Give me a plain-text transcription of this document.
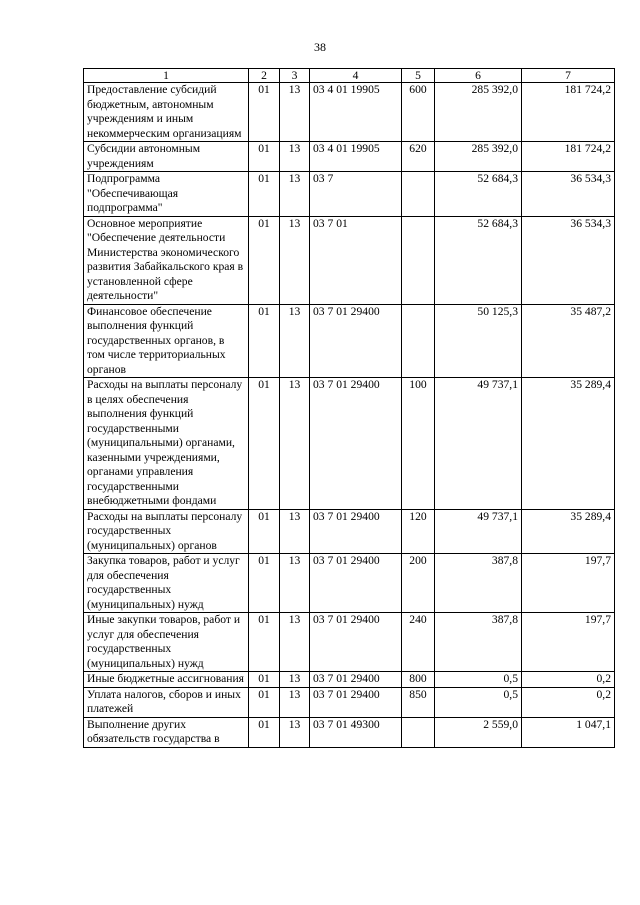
38
1	2	3	4	5	6	7
Предоставление субсидий бюджетным, автономным учреждениям и иным некоммерческим организациям	01	13	03 4 01 19905	600	285 392,0	181 724,2
Субсидии автономным учреждениям	01	13	03 4 01 19905	620	285 392,0	181 724,2
Подпрограмма "Обеспечивающая подпрограмма"	01	13	03 7		52 684,3	36 534,3
Основное мероприятие "Обеспечение деятельности Министерства экономического развития Забайкальского края в установленной сфере деятельности"	01	13	03 7 01		52 684,3	36 534,3
Финансовое обеспечение выполнения функций государственных органов, в том числе территориальных органов	01	13	03 7 01 29400		50 125,3	35 487,2
Расходы на выплаты персоналу в целях обеспечения выполнения функций государственными (муниципальными) органами, казенными учреждениями, органами управления государственными внебюджетными фондами	01	13	03 7 01 29400	100	49 737,1	35 289,4
Расходы на выплаты персоналу государственных (муниципальных) органов	01	13	03 7 01 29400	120	49 737,1	35 289,4
Закупка товаров, работ и услуг для обеспечения государственных (муниципальных) нужд	01	13	03 7 01 29400	200	387,8	197,7
Иные закупки товаров, работ и услуг для обеспечения государственных (муниципальных) нужд	01	13	03 7 01 29400	240	387,8	197,7
Иные бюджетные ассигнования	01	13	03 7 01 29400	800	0,5	0,2
Уплата налогов, сборов и иных платежей	01	13	03 7 01 29400	850	0,5	0,2
Выполнение других обязательств государства в	01	13	03 7 01 49300		2 559,0	1 047,1
